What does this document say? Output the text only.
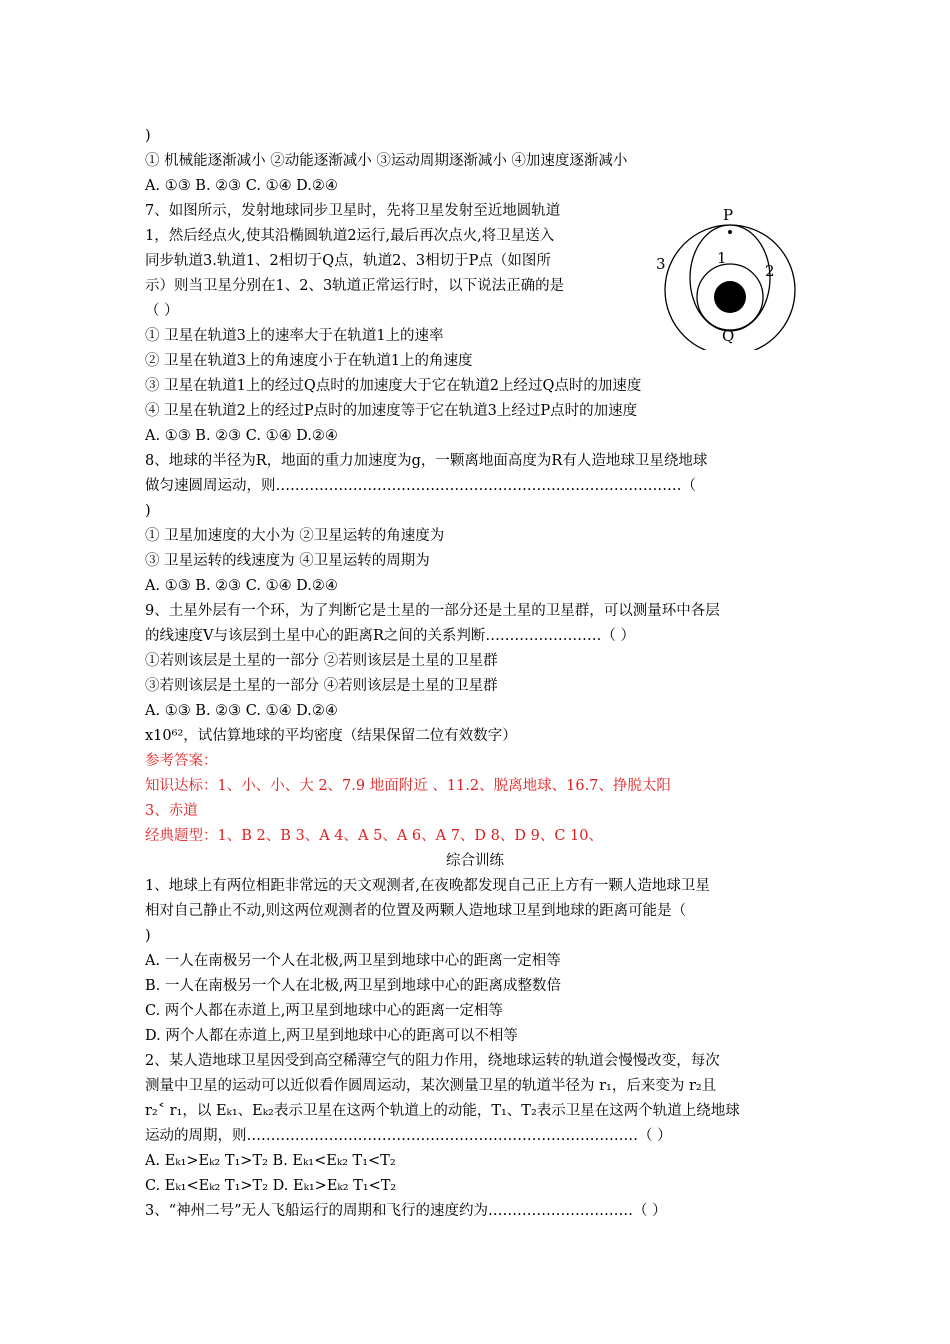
)
① 机械能逐渐减小 ②动能逐渐减小 ③运动周期逐渐减小 ④加速度逐渐减小
A. ①③ B. ②③ C. ①④ D.②④
7、如图所示，发射地球同步卫星时，先将卫星发射至近地圆轨道
1，然后经点火,使其沿椭圆轨道2运行,最后再次点火,将卫星送入
同步轨道3.轨道1、2相切于Q点，轨道2、3相切于P点（如图所
示）则当卫星分别在1、2、3轨道正常运行时，以下说法正确的是
（ ）
① 卫星在轨道3上的速率大于在轨道1上的速率
② 卫星在轨道3上的角速度小于在轨道1上的角速度
③ 卫星在轨道1上的经过Q点时的加速度大于它在轨道2上经过Q点时的加速度
④ 卫星在轨道2上的经过P点时的加速度等于它在轨道3上经过P点时的加速度
A. ①③ B. ②③ C. ①④ D.②④
8、地球的半径为R，地面的重力加速度为g，一颗离地面高度为R有人造地球卫星绕地球
做匀速圆周运动，则…………………………………………………………………………（
)
① 卫星加速度的大小为 ②卫星运转的角速度为
③ 卫星运转的线速度为 ④卫星运转的周期为
A. ①③ B. ②③ C. ①④ D.②④
9、土星外层有一个环，为了判断它是土星的一部分还是土星的卫星群，可以测量环中各层
的线速度V与该层到土星中心的距离R之间的关系判断……………………（ ）
①若则该层是土星的一部分 ②若则该层是土星的卫星群
③若则该层是土星的一部分 ④若则该层是土星的卫星群
A. ①③ B. ②③ C. ①④ D.②④
x10⁶²，试估算地球的平均密度（结果保留二位有效数字）
参考答案：
知识达标：1、小、小、大 2、7.9 地面附近 、11.2、脱离地球、16.7、挣脱太阳
3、赤道
经典题型：1、B 2、B 3、A 4、A 5、A 6、A 7、D 8、D 9、C 10、
综合训练
1、地球上有两位相距非常远的天文观测者,在夜晚都发现自己正上方有一颗人造地球卫星
相对自己静止不动,则这两位观测者的位置及两颗人造地球卫星到地球的距离可能是（
)
A. 一人在南极另一个人在北极,两卫星到地球中心的距离一定相等
B. 一人在南极另一个人在北极,两卫星到地球中心的距离成整数倍
C. 两个人都在赤道上,两卫星到地球中心的距离一定相等
D. 两个人都在赤道上,两卫星到地球中心的距离可以不相等
2、某人造地球卫星因受到高空稀薄空气的阻力作用，绕地球运转的轨道会慢慢改变，每次
测量中卫星的运动可以近似看作圆周运动，某次测量卫星的轨道半径为 r₁，后来变为 r₂且
r₂˂ r₁，以 Eₖ₁、Eₖ₂表示卫星在这两个轨道上的动能，T₁、T₂表示卫星在这两个轨道上绕地球
运动的周期，则………………………………………………………………………（ ）
A. Eₖ₁>Eₖ₂ T₁>T₂ B. Eₖ₁<Eₖ₂ T₁<T₂
C. Eₖ₁<Eₖ₂ T₁>T₂ D. Eₖ₁>Eₖ₂ T₁<T₂
3、“神州二号”无人飞船运行的周期和飞行的速度约为…………………………（ ）
P
Q
1
2
3
